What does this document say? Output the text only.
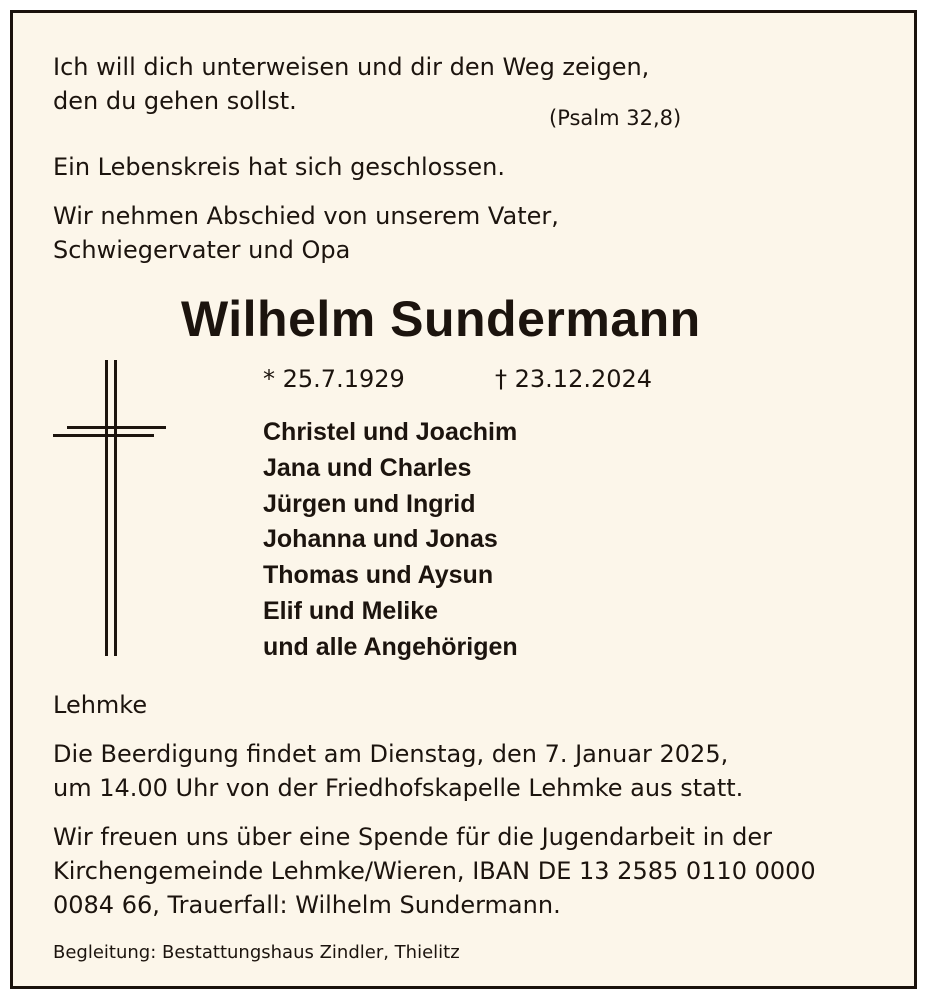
Ich will dich unterweisen und dir den Weg zeigen,

den du gehen sollst.

(Psalm 32,8)

Ein Lebenskreis hat sich geschlossen.

Wir nehmen Abschied von unserem Vater,

Schwiegervater und Opa

Wilhelm Sundermann

* 25.7.1929	† 23.12.2024

Christel und Joachim
Jana und Charles
Jürgen und Ingrid
Johanna und Jonas
Thomas und Aysun
Elif und Melike
und alle Angehörigen

Lehmke

Die Beerdigung findet am Dienstag, den 7. Januar 2025,

um 14.00 Uhr von der Friedhofskapelle Lehmke aus statt.

Wir freuen uns über eine Spende für die Jugendarbeit in der

Kirchengemeinde Lehmke/Wieren, IBAN DE 13 2585 0110 0000

0084 66, Trauerfall: Wilhelm Sundermann.

Begleitung: Bestattungshaus Zindler, Thielitz
